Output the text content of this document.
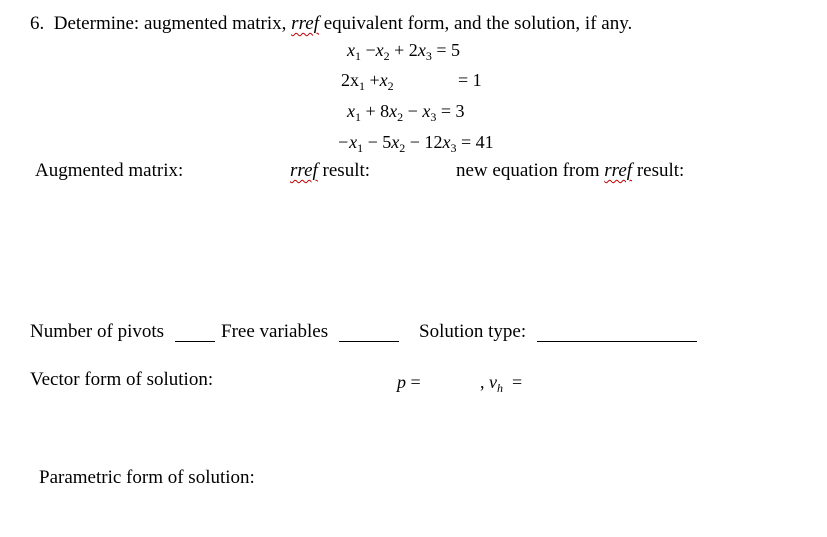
6. Determine: augmented matrix, rref equivalent form, and the solution, if any.
$x_1 -x_2 + 2x_3 = 5$
$2x_1 +x_2$	= 1
$x_1 + 8x_2 - x_3 = 3$
$-x_1 - 5x_2 - 12x_3 = 41$
Augmented matrix:	rref result:	new equation from rref result:
Number of pivots	Free variables	Solution type:
Vector form of solution:	p =	, $v_h$ =
Parametric form of solution:
